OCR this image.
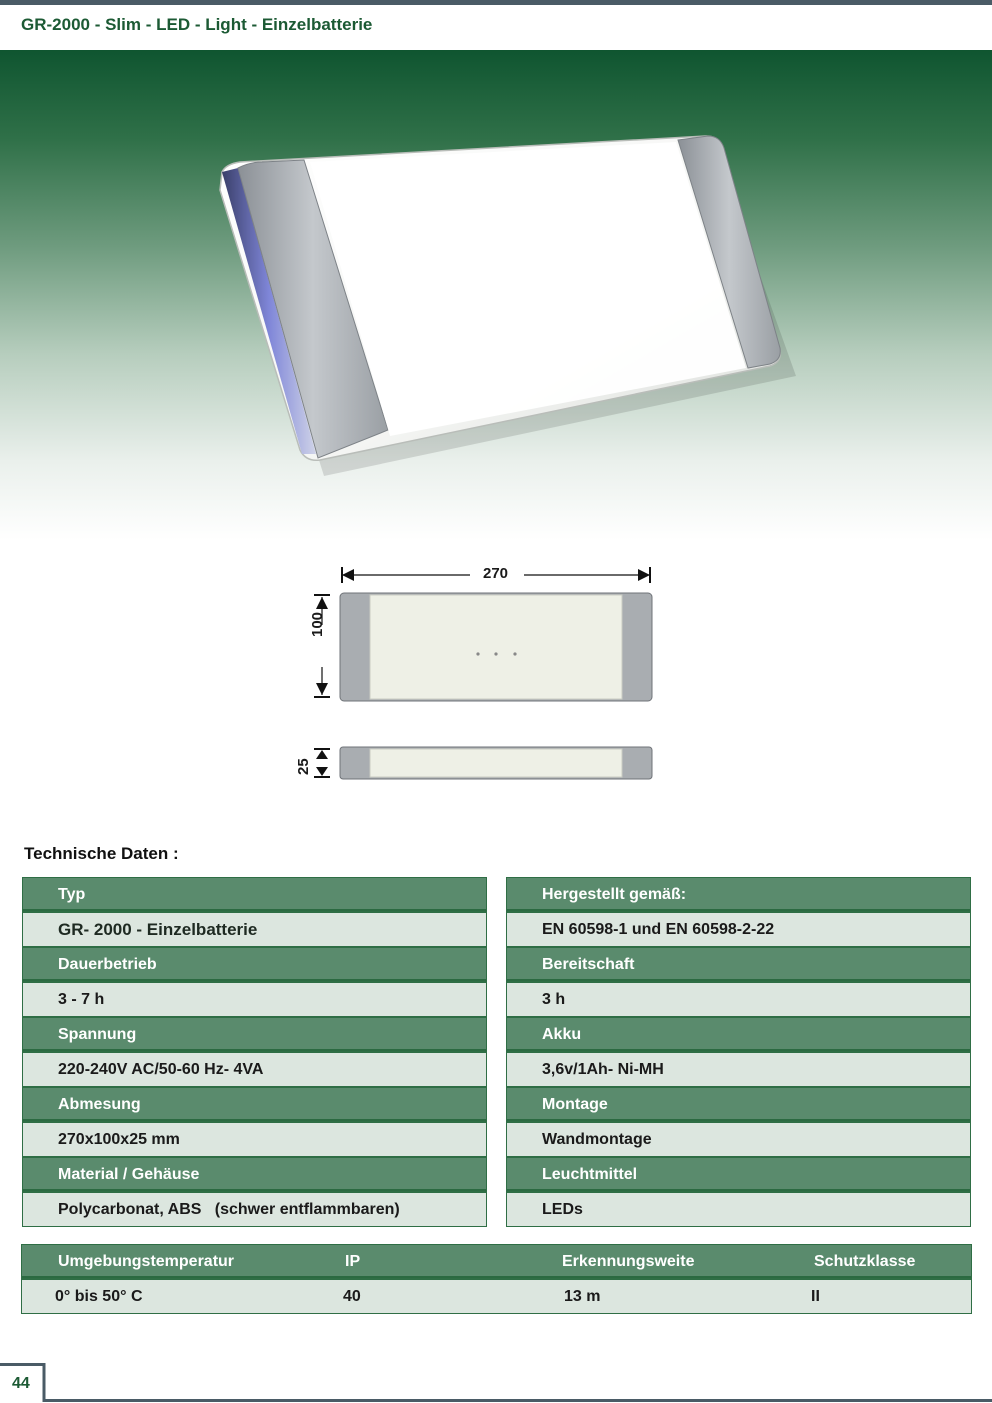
GR-2000 - Slim - LED - Light - Einzelbatterie
270
100
25
Technische Daten :
Typ
GR- 2000 - Einzelbatterie
Dauerbetrieb
3 - 7 h
Spannung
220-240V AC/50-60 Hz- 4VA
Abmesung
270x100x25 mm
Material / Gehäuse
Polycarbonat, ABS   (schwer entflammbaren)
Hergestellt gemäß:
EN 60598-1 und EN 60598-2-22
Bereitschaft
3 h
Akku
3,6v/1Ah- Ni-MH
Montage
Wandmontage
Leuchtmittel
LEDs
Umgebungstemperatur	IP	Erkennungsweite	Schutzklasse
0° bis 50° C	40	13 m	II
44
